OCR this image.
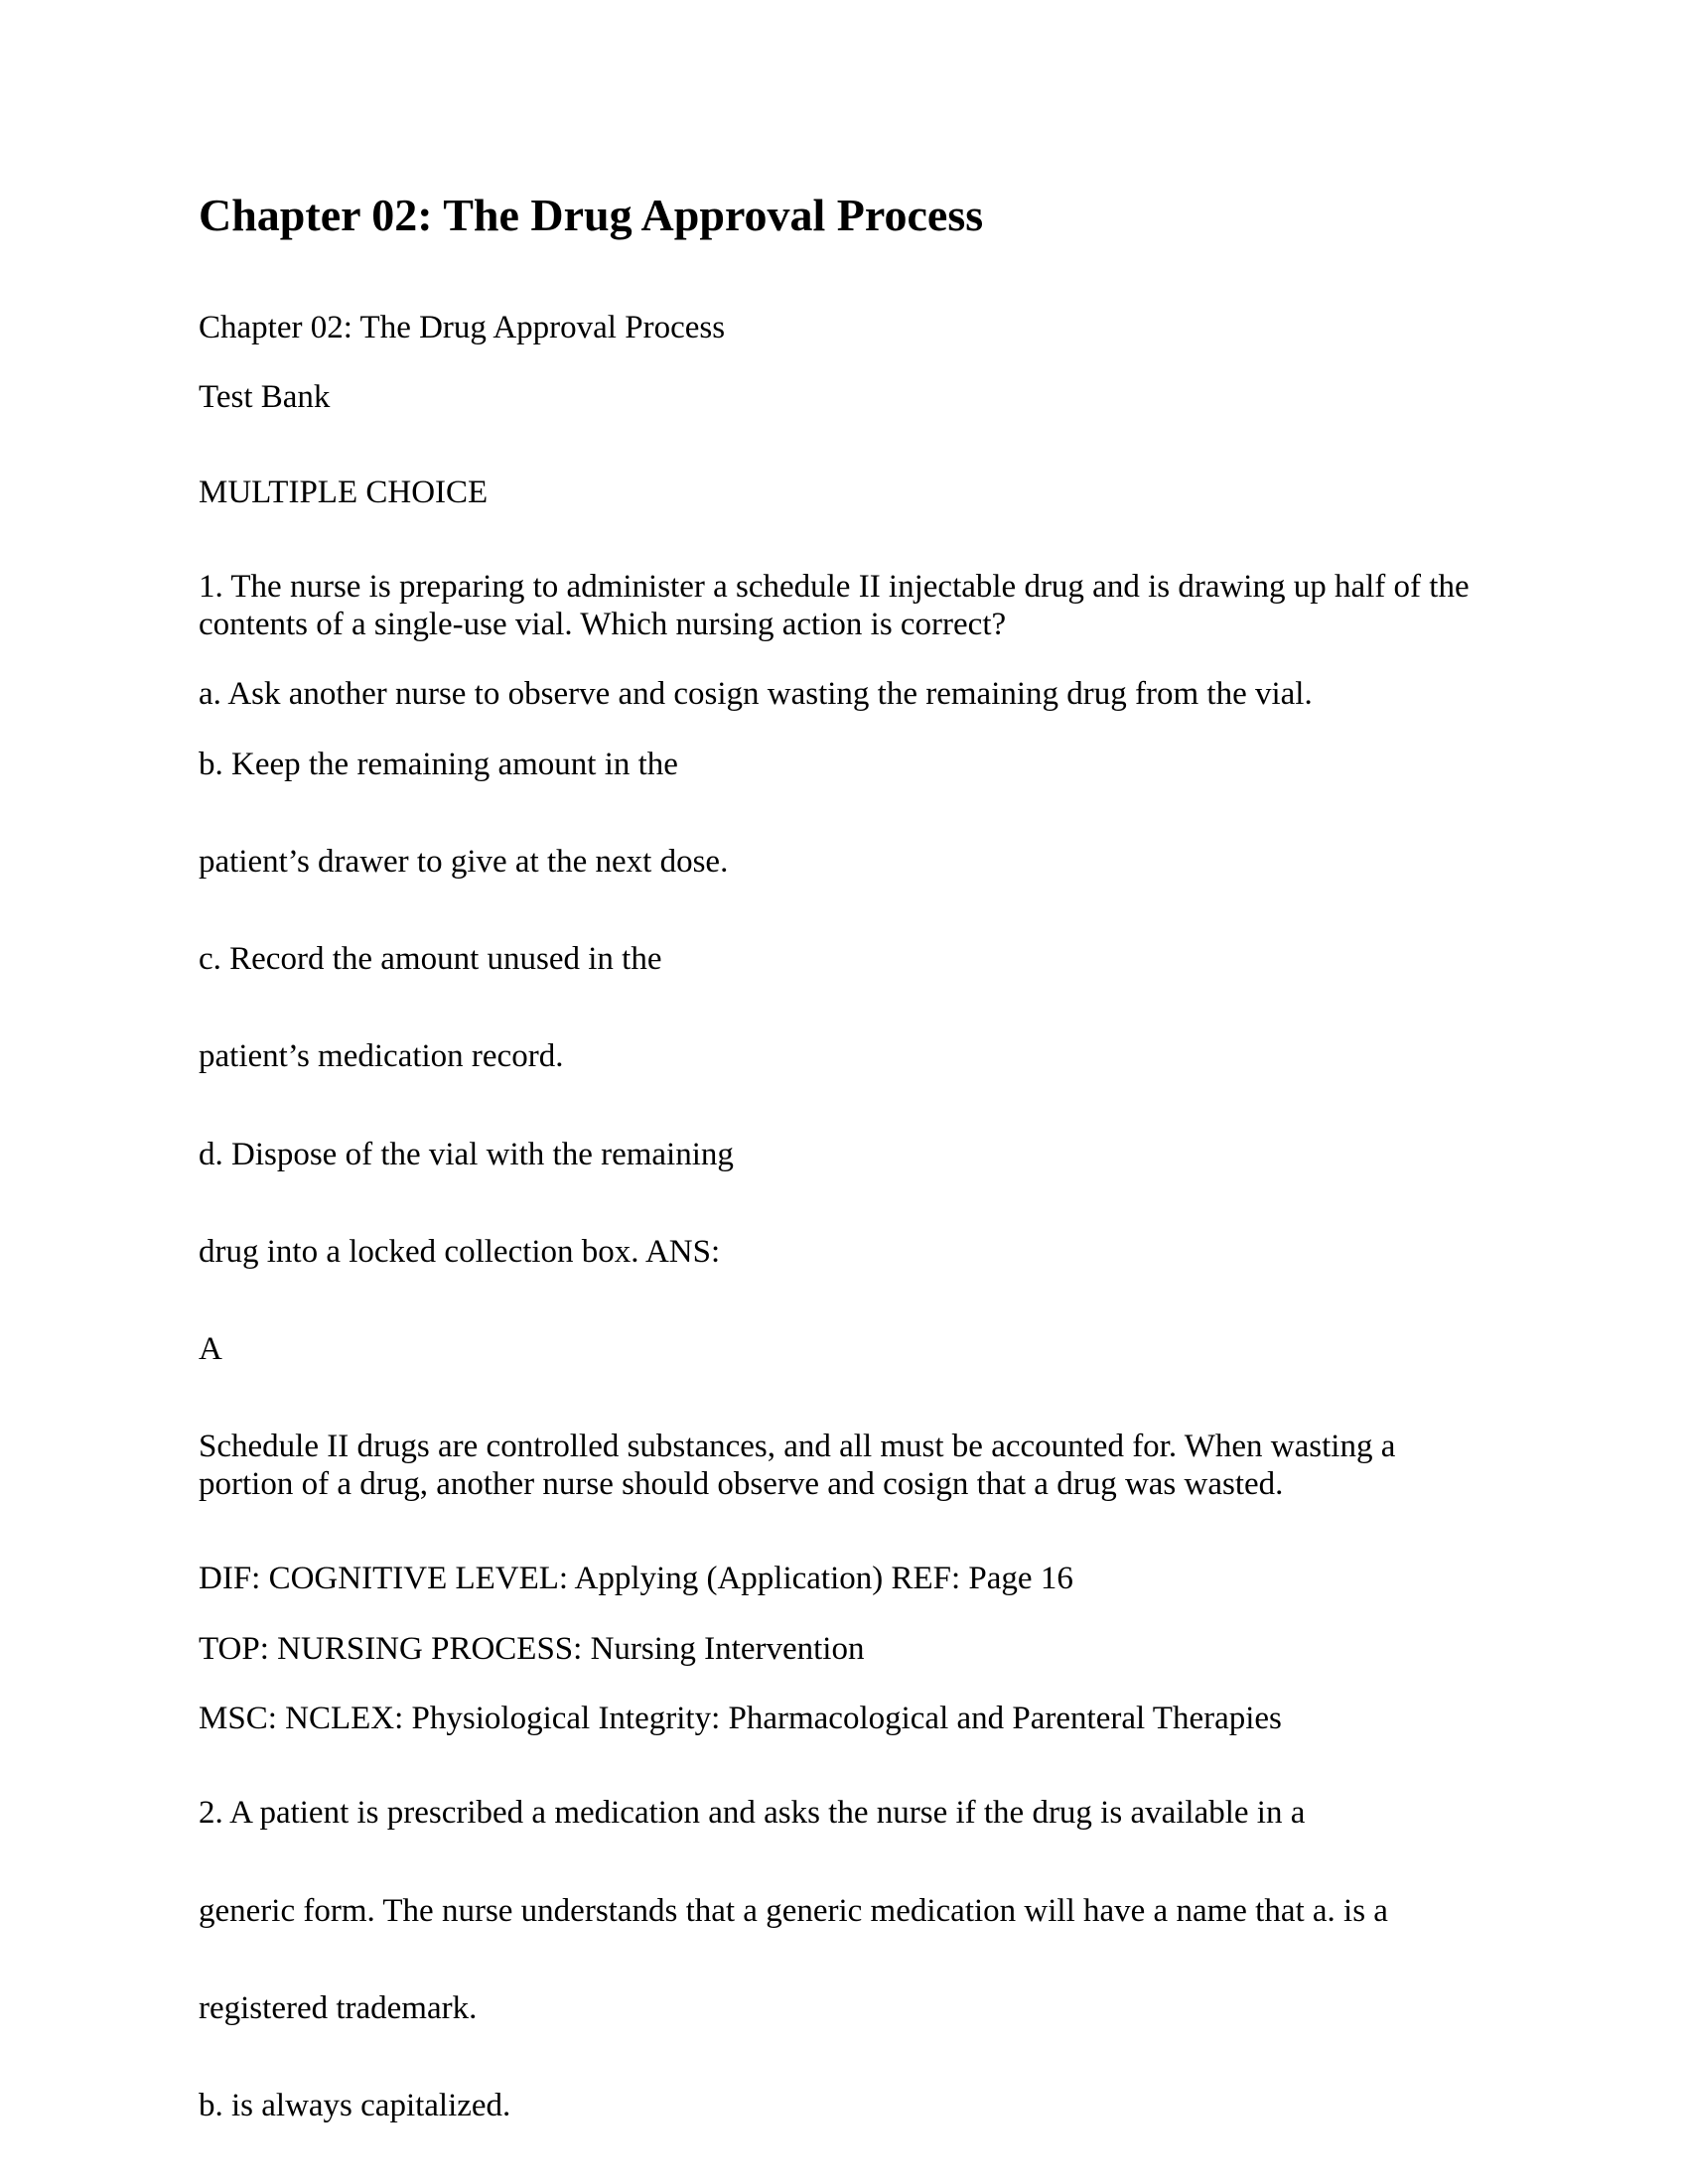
Chapter 02: The Drug Approval Process

Chapter 02: The Drug Approval Process

Test Bank

MULTIPLE CHOICE

1. The nurse is preparing to administer a schedule II injectable drug and is drawing up half of the

contents of a single-use vial. Which nursing action is correct?

a. Ask another nurse to observe and cosign wasting the remaining drug from the vial.

b. Keep the remaining amount in the

patient’s drawer to give at the next dose.

c. Record the amount unused in the

patient’s medication record.

d. Dispose of the vial with the remaining

drug into a locked collection box. ANS:

A

Schedule II drugs are controlled substances, and all must be accounted for. When wasting a

portion of a drug, another nurse should observe and cosign that a drug was wasted.

DIF: COGNITIVE LEVEL: Applying (Application) REF: Page 16

TOP: NURSING PROCESS: Nursing Intervention

MSC: NCLEX: Physiological Integrity: Pharmacological and Parenteral Therapies

2. A patient is prescribed a medication and asks the nurse if the drug is available in a

generic form. The nurse understands that a generic medication will have a name that a. is a

registered trademark.

b. is always capitalized.
